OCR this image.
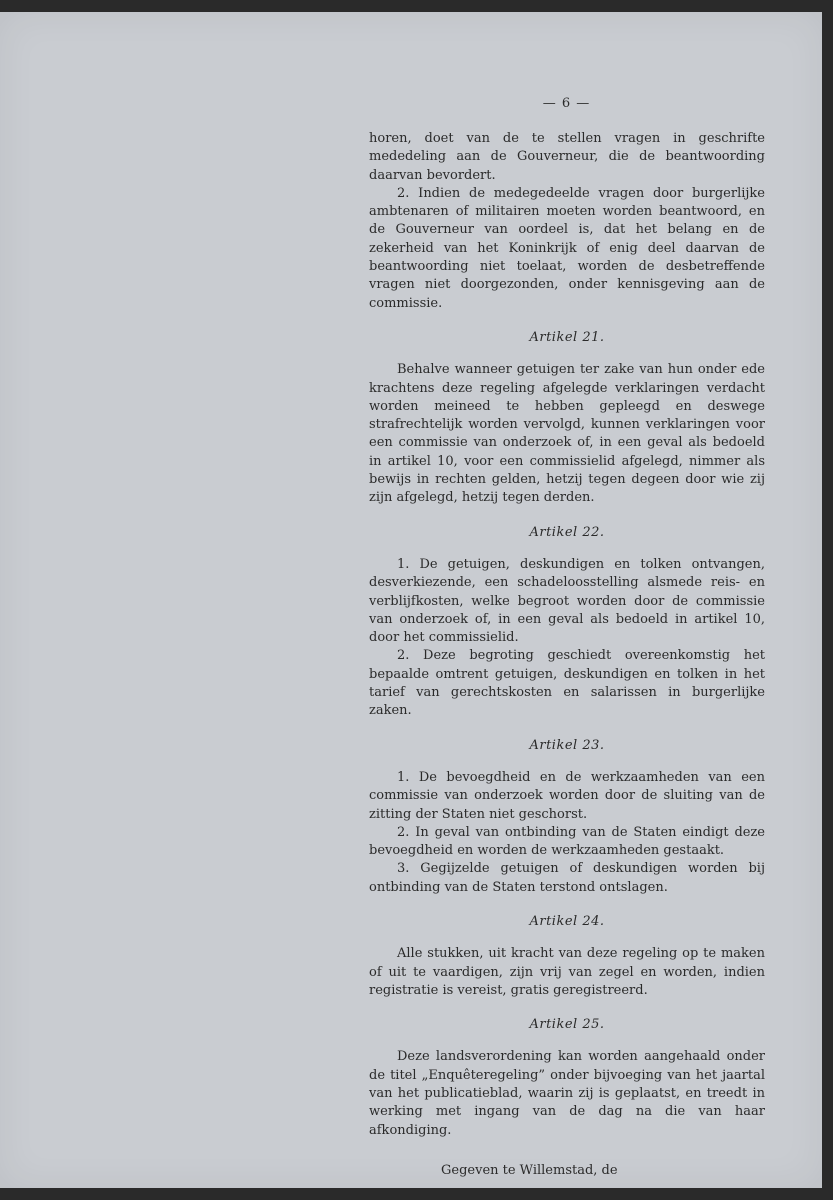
— 6 —

horen, doet van de te stellen vragen in geschrifte mededeling aan de Gouverneur, die de beantwoording daarvan bevordert.

2. Indien de medegedeelde vragen door burgerlijke ambtenaren of militairen moeten worden beantwoord, en de Gouverneur van oordeel is, dat het belang en de zekerheid van het Koninkrijk of enig deel daarvan de beantwoording niet toelaat, worden de desbetreffende vragen niet doorgezonden, onder kennisgeving aan de commissie.

Artikel 21.

Behalve wanneer getuigen ter zake van hun onder ede krachtens deze regeling afgelegde verklaringen verdacht worden meineed te hebben gepleegd en deswege strafrechtelijk worden vervolgd, kunnen verklaringen voor een commissie van onderzoek of, in een geval als bedoeld in artikel 10, voor een commissielid afgelegd, nimmer als bewijs in rechten gelden, hetzij tegen degeen door wie zij zijn afgelegd, hetzij tegen derden.

Artikel 22.

1. De getuigen, deskundigen en tolken ontvangen, desverkiezende, een schadeloosstelling alsmede reis- en verblijfkosten, welke begroot worden door de commissie van onderzoek of, in een geval als bedoeld in artikel 10, door het commissielid.

2. Deze begroting geschiedt overeenkomstig het bepaalde omtrent getuigen, deskundigen en tolken in het tarief van gerechtskosten en salarissen in burgerlijke zaken.

Artikel 23.

1. De bevoegdheid en de werkzaamheden van een commissie van onderzoek worden door de sluiting van de zitting der Staten niet geschorst.

2. In geval van ontbinding van de Staten eindigt deze bevoegdheid en worden de werkzaamheden gestaakt.

3. Gegijzelde getuigen of deskundigen worden bij ontbinding van de Staten terstond ontslagen.

Artikel 24.

Alle stukken, uit kracht van deze regeling op te maken of uit te vaardigen, zijn vrij van zegel en worden, indien registratie is vereist, gratis geregistreerd.

Artikel 25.

Deze landsverordening kan worden aangehaald onder de titel „Enquêteregeling” onder bijvoeging van het jaartal van het publicatieblad, waarin zij is geplaatst, en treedt in werking met ingang van de dag na die van haar afkondiging.

Gegeven te Willemstad, de
